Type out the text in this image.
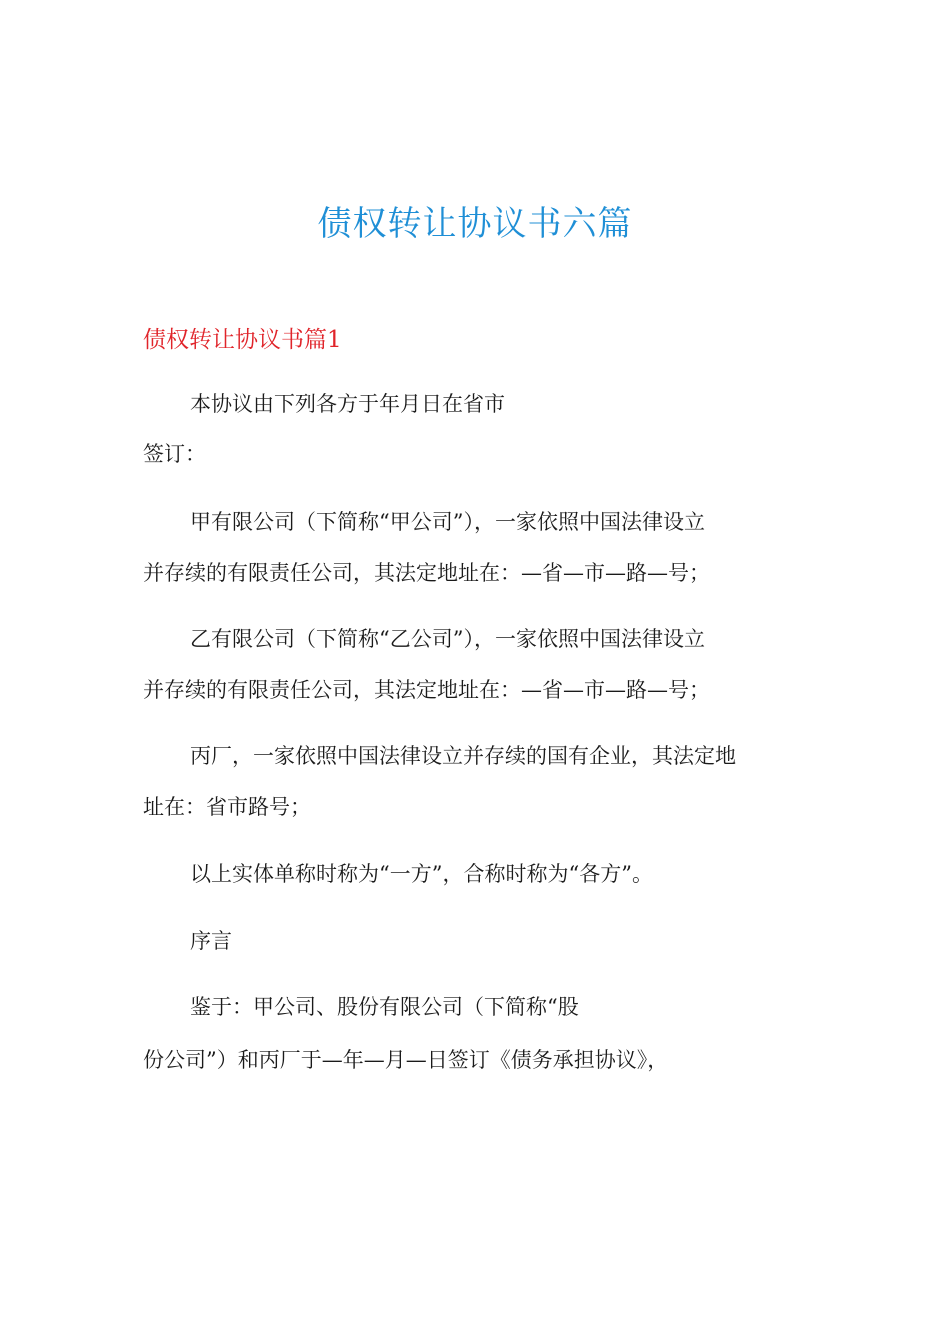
债权转让协议书六篇
债权转让协议书篇1
本协议由下列各方于年月日在省市
签订：
甲有限公司（下简称“甲公司”），一家依照中国法律设立
并存续的有限责任公司，其法定地址在：—省—市—路—号；
乙有限公司（下简称“乙公司”），一家依照中国法律设立
并存续的有限责任公司，其法定地址在：—省—市—路—号；
丙厂，一家依照中国法律设立并存续的国有企业，其法定地
址在：省市路号；
以上实体单称时称为“一方”，合称时称为“各方”。
序言
鉴于：甲公司、股份有限公司（下简称“股
份公司”）和丙厂于—年—月—日签订《债务承担协议》，
